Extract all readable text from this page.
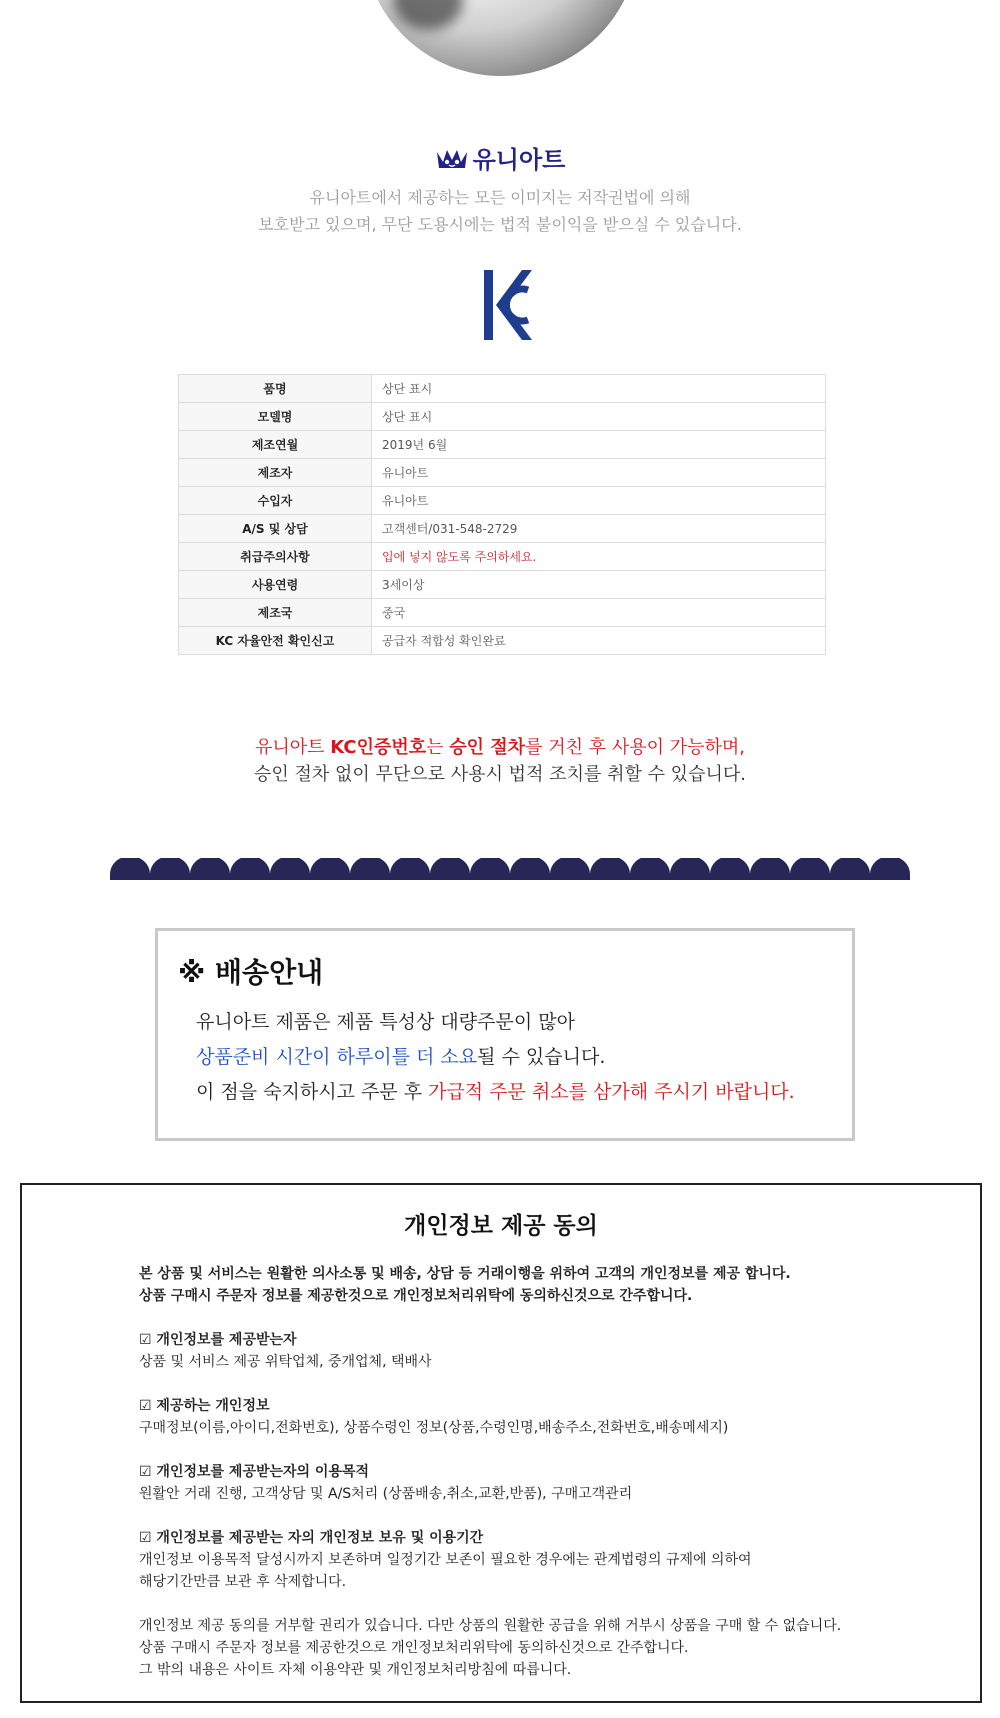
유니아트
유니아트에서 제공하는 모든 이미지는 저작권법에 의해
보호받고 있으며, 무단 도용시에는 법적 불이익을 받으실 수 있습니다.
품명	상단 표시
모델명	상단 표시
제조연월	2019년 6월
제조자	유니아트
수입자	유니아트
A/S 및 상담	고객센터/031-548-2729
취급주의사항	입에 넣지 않도록 주의하세요.
사용연령	3세이상
제조국	중국
KC 자율안전 확인신고	공급자 적합성 확인완료
유니아트 KC인증번호는 승인 절차를 거친 후 사용이 가능하며,
승인 절차 없이 무단으로 사용시 법적 조치를 취할 수 있습니다.
※ 배송안내
유니아트 제품은 제품 특성상 대량주문이 많아
상품준비 시간이 하루이틀 더 소요될 수 있습니다.
이 점을 숙지하시고 주문 후 가급적 주문 취소를 삼가해 주시기 바랍니다.
개인정보 제공 동의

본 상품 및 서비스는 원활한 의사소통 및 배송, 상담 등 거래이행을 위하여 고객의 개인정보를 제공 합니다.

상품 구매시 주문자 정보를 제공한것으로 개인정보처리위탁에 동의하신것으로 간주합니다.

☑ 개인정보를 제공받는자

상품 및 서비스 제공 위탁업체, 중개업체, 택배사

☑ 제공하는 개인정보

구매정보(이름,아이디,전화번호), 상품수령인 정보(상품,수령인명,배송주소,전화번호,배송메세지)

☑ 개인정보를 제공받는자의 이용목적

원활안 거래 진행, 고객상담 및 A/S처리 (상품배송,취소,교환,반품), 구매고객관리

☑ 개인정보를 제공받는 자의 개인정보 보유 및 이용기간

개인정보 이용목적 달성시까지 보존하며 일정기간 보존이 필요한 경우에는 관계법령의 규제에 의하여

해당기간만큼 보관 후 삭제합니다.

개인정보 제공 동의를 거부할 권리가 있습니다. 다만 상품의 원활한 공급을 위해 거부시 상품을 구매 할 수 없습니다.

상품 구매시 주문자 정보를 제공한것으로 개인정보처리위탁에 동의하신것으로 간주합니다.

그 밖의 내용은 사이트 자체 이용약관 및 개인정보처리방침에 따릅니다.
